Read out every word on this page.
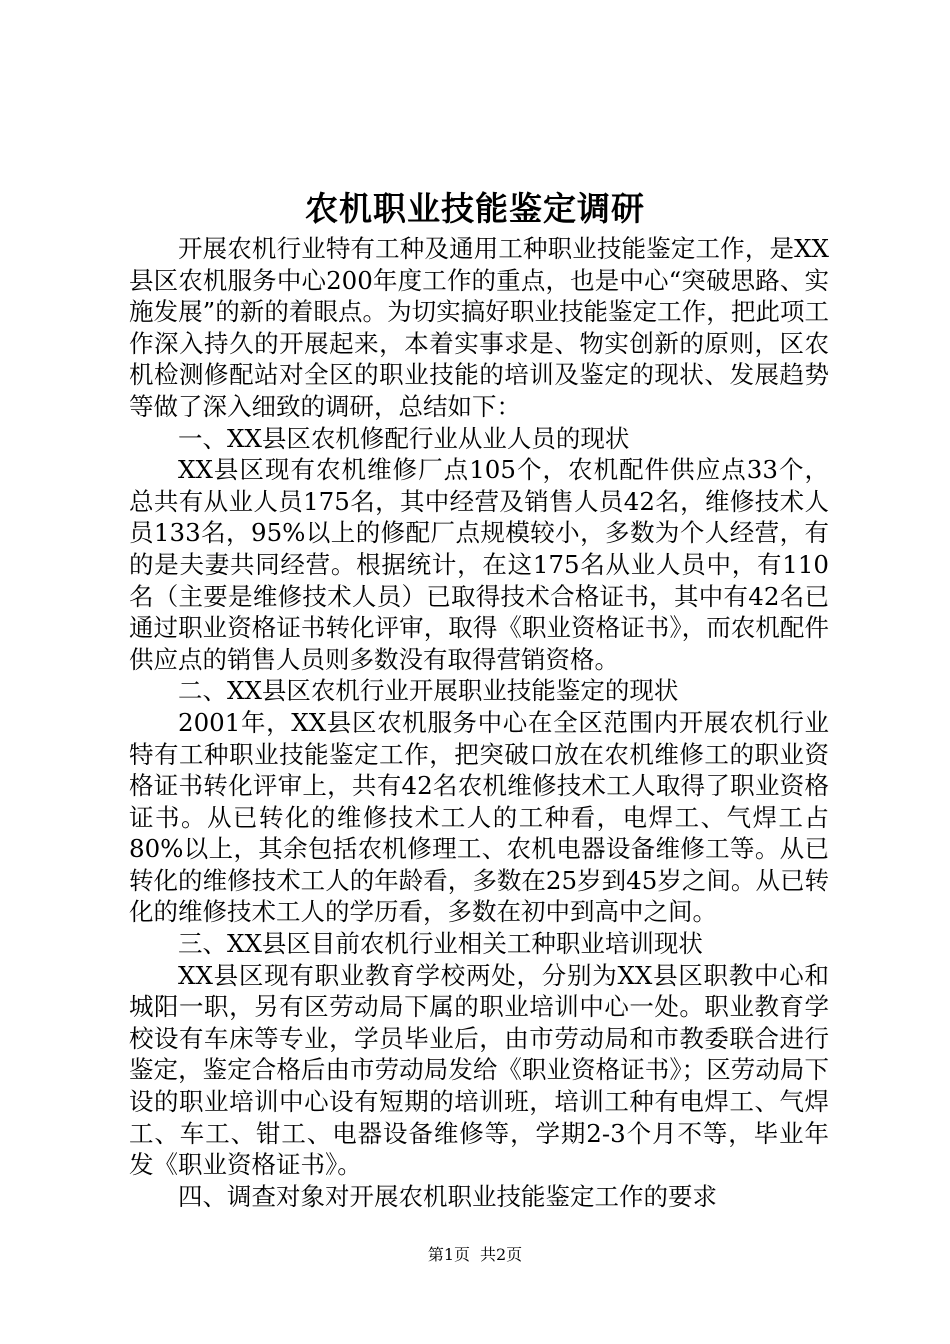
农机职业技能鉴定调研

开展农机行业特有工种及通用工种职业技能鉴定工作，是XX县区农机服务中心200年度工作的重点，也是中心“突破思路、实施发展”的新的着眼点。为切实搞好职业技能鉴定工作，把此项工作深入持久的开展起来，本着实事求是、物实创新的原则，区农机检测修配站对全区的职业技能的培训及鉴定的现状、发展趋势等做了深入细致的调研，总结如下：

一、XX县区农机修配行业从业人员的现状

XX县区现有农机维修厂点105个，农机配件供应点33个，总共有从业人员175名，其中经营及销售人员42名，维修技术人员133名，95%以上的修配厂点规模较小，多数为个人经营，有的是夫妻共同经营。根据统计，在这175名从业人员中，有110名（主要是维修技术人员）已取得技术合格证书，其中有42名已通过职业资格证书转化评审，取得《职业资格证书》，而农机配件供应点的销售人员则多数没有取得营销资格。

二、XX县区农机行业开展职业技能鉴定的现状

2001年，XX县区农机服务中心在全区范围内开展农机行业特有工种职业技能鉴定工作，把突破口放在农机维修工的职业资格证书转化评审上，共有42名农机维修技术工人取得了职业资格证书。从已转化的维修技术工人的工种看，电焊工、气焊工占80%以上，其余包括农机修理工、农机电器设备维修工等。从已转化的维修技术工人的年龄看，多数在25岁到45岁之间。从已转化的维修技术工人的学历看，多数在初中到高中之间。

三、XX县区目前农机行业相关工种职业培训现状

XX县区现有职业教育学校两处，分别为XX县区职教中心和城阳一职，另有区劳动局下属的职业培训中心一处。职业教育学校设有车床等专业，学员毕业后，由市劳动局和市教委联合进行鉴定，鉴定合格后由市劳动局发给《职业资格证书》；区劳动局下设的职业培训中心设有短期的培训班，培训工种有电焊工、气焊工、车工、钳工、电器设备维修等，学期2-3个月不等，毕业年发《职业资格证书》。

四、调查对象对开展农机职业技能鉴定工作的要求

第1页 共2页
